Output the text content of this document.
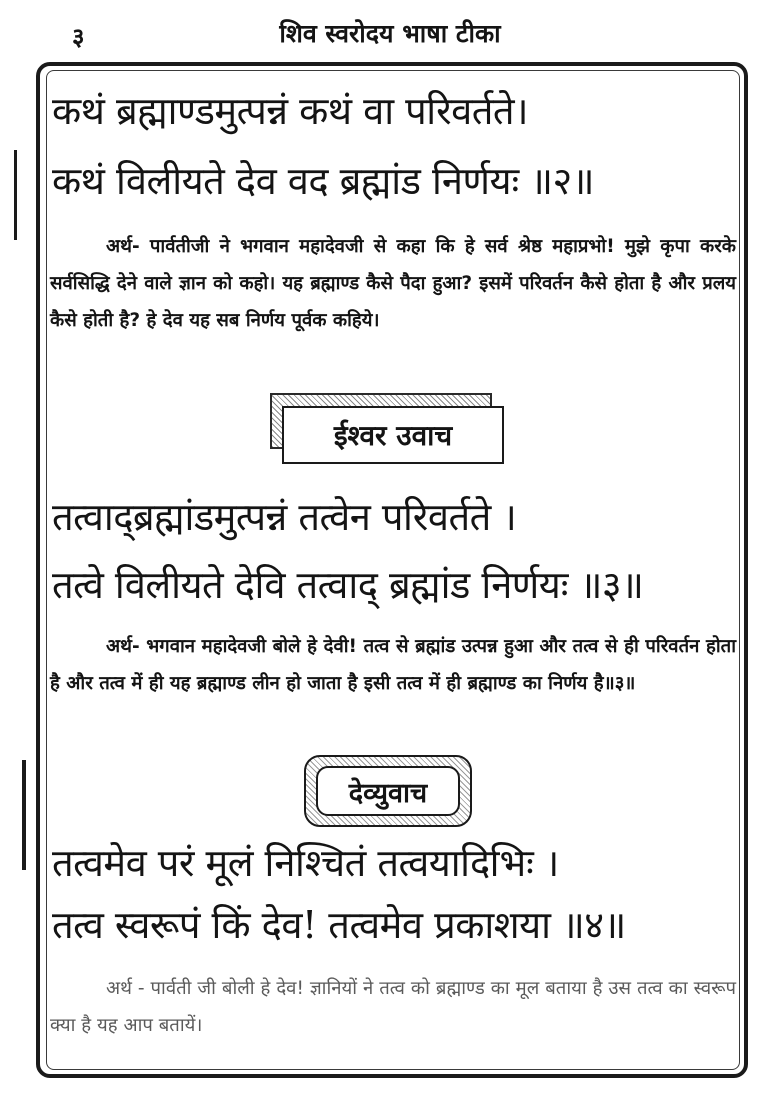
३	शिव स्वरोदय भाषा टीका
कथं ब्रह्माण्डमुत्पन्नं कथं वा परिवर्तते।
कथं विलीयते देव वद ब्रह्मांड निर्णयः ॥२॥
अर्थ- पार्वतीजी ने भगवान महादेवजी से कहा कि हे सर्व श्रेष्ठ महाप्रभो! मुझे कृपा करके सर्वसिद्धि देने वाले ज्ञान को कहो। यह ब्रह्माण्ड कैसे पैदा हुआ? इसमें परिवर्तन कैसे होता है और प्रलय कैसे होती है? हे देव यह सब निर्णय पूर्वक कहिये।
ईश्वर उवाच
तत्वाद्ब्रह्मांडमुत्पन्नं तत्वेन परिवर्तते ।
तत्वे विलीयते देवि तत्वाद् ब्रह्मांड निर्णयः ॥३॥
अर्थ- भगवान महादेवजी बोले हे देवी! तत्व से ब्रह्मांड उत्पन्न हुआ और तत्व से ही परिवर्तन होता है और तत्व में ही यह ब्रह्माण्ड लीन हो जाता है इसी तत्व में ही ब्रह्माण्ड का निर्णय है॥३॥
देव्युवाच
तत्वमेव परं मूलं निश्चितं तत्वयादिभिः ।
तत्व स्वरूपं किं देव! तत्वमेव प्रकाशया ॥४॥
अर्थ - पार्वती जी बोली हे देव! ज्ञानियों ने तत्व को ब्रह्माण्ड का मूल बताया है उस तत्व का स्वरूप क्या है यह आप बतायें।
